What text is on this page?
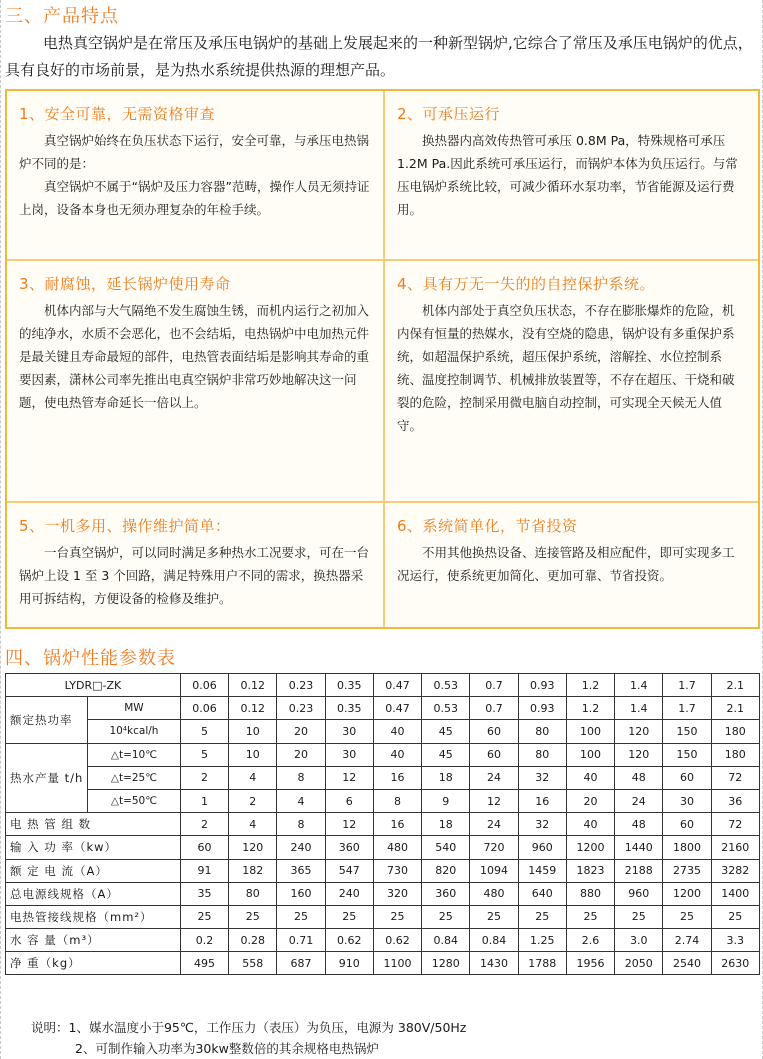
三、产品特点
电热真空锅炉是在常压及承压电锅炉的基础上发展起来的一种新型锅炉,它综合了常压及承压电锅炉的优点，具有良好的市场前景，是为热水系统提供热源的理想产品。
1、安全可靠，无需资格审查
真空锅炉始终在负压状态下运行，安全可靠，与承压电热锅炉不同的是：
真空锅炉不属于“锅炉及压力容器”范畴，操作人员无须持证上岗，设备本身也无须办理复杂的年检手续。
2、可承压运行
换热器内高效传热管可承压 0.8M Pa，特殊规格可承压 1.2M Pa.因此系统可承压运行，而锅炉本体为负压运行。与常压电锅炉系统比较，可减少循环水泵功率，节省能源及运行费用。
3、耐腐蚀，延长锅炉使用寿命
机体内部与大气隔绝不发生腐蚀生锈，而机内运行之初加入的纯净水，水质不会恶化，也不会结垢，电热锅炉中电加热元件是最关键且寿命最短的部件，电热管表面结垢是影响其寿命的重要因素，潇林公司率先推出电真空锅炉非常巧妙地解决这一问题，使电热管寿命延长一倍以上。
4、具有万无一失的的自控保护系统。
机体内部处于真空负压状态，不存在膨胀爆炸的危险，机内保有恒量的热媒水，没有空烧的隐患，锅炉设有多重保护系统，如超温保护系统，超压保护系统，溶解拴、水位控制系统、温度控制调节、机械排放装置等，不存在超压、干烧和破裂的危险，控制采用微电脑自动控制，可实现全天候无人值守。
5、一机多用、操作维护简单：
一台真空锅炉，可以同时满足多种热水工况要求，可在一台锅炉上设 1 至 3 个回路，满足特殊用户不同的需求，换热器采用可拆结构，方便设备的检修及维护。
6、系统简单化，节省投资
不用其他换热设备、连接管路及相应配件，即可实现多工况运行，使系统更加简化、更加可靠、节省投资。
四、锅炉性能参数表
LYDR□-ZK		0.06	0.12	0.23	0.35	0.47	0.53	0.7	0.93	1.2	1.4	1.7	2.1
额定热功率	MW	0.06	0.12	0.23	0.35	0.47	0.53	0.7	0.93	1.2	1.4	1.7	2.1
	10⁴kcal/h	5	10	20	30	40	45	60	80	100	120	150	180
热水产量 t/h	△t=10℃	5	10	20	30	40	45	60	80	100	120	150	180
	△t=25℃	2	4	8	12	16	18	24	32	40	48	60	72
	△t=50℃	1	2	4	6	8	9	12	16	20	24	30	36
电 热 管 组 数		2	4	8	12	16	18	24	32	40	48	60	72
输 入 功 率（kw）		60	120	240	360	480	540	720	960	1200	1440	1800	2160
额 定 电 流（A）		91	182	365	547	730	820	1094	1459	1823	2188	2735	3282
总电源线规格（A）		35	80	160	240	320	360	480	640	880	960	1200	1400
电热管接线规格（mm²）		25	25	25	25	25	25	25	25	25	25	25	25
水 容 量（m³）		0.2	0.28	0.71	0.62	0.62	0.84	0.84	1.25	2.6	3.0	2.74	3.3
净 重（kg）		495	558	687	910	1100	1280	1430	1788	1956	2050	2540	2630
说明：1、媒水温度小于95℃，工作压力（表压）为负压，电源为 380V/50Hz
2、可制作输入功率为30kw整数倍的其余规格电热锅炉
